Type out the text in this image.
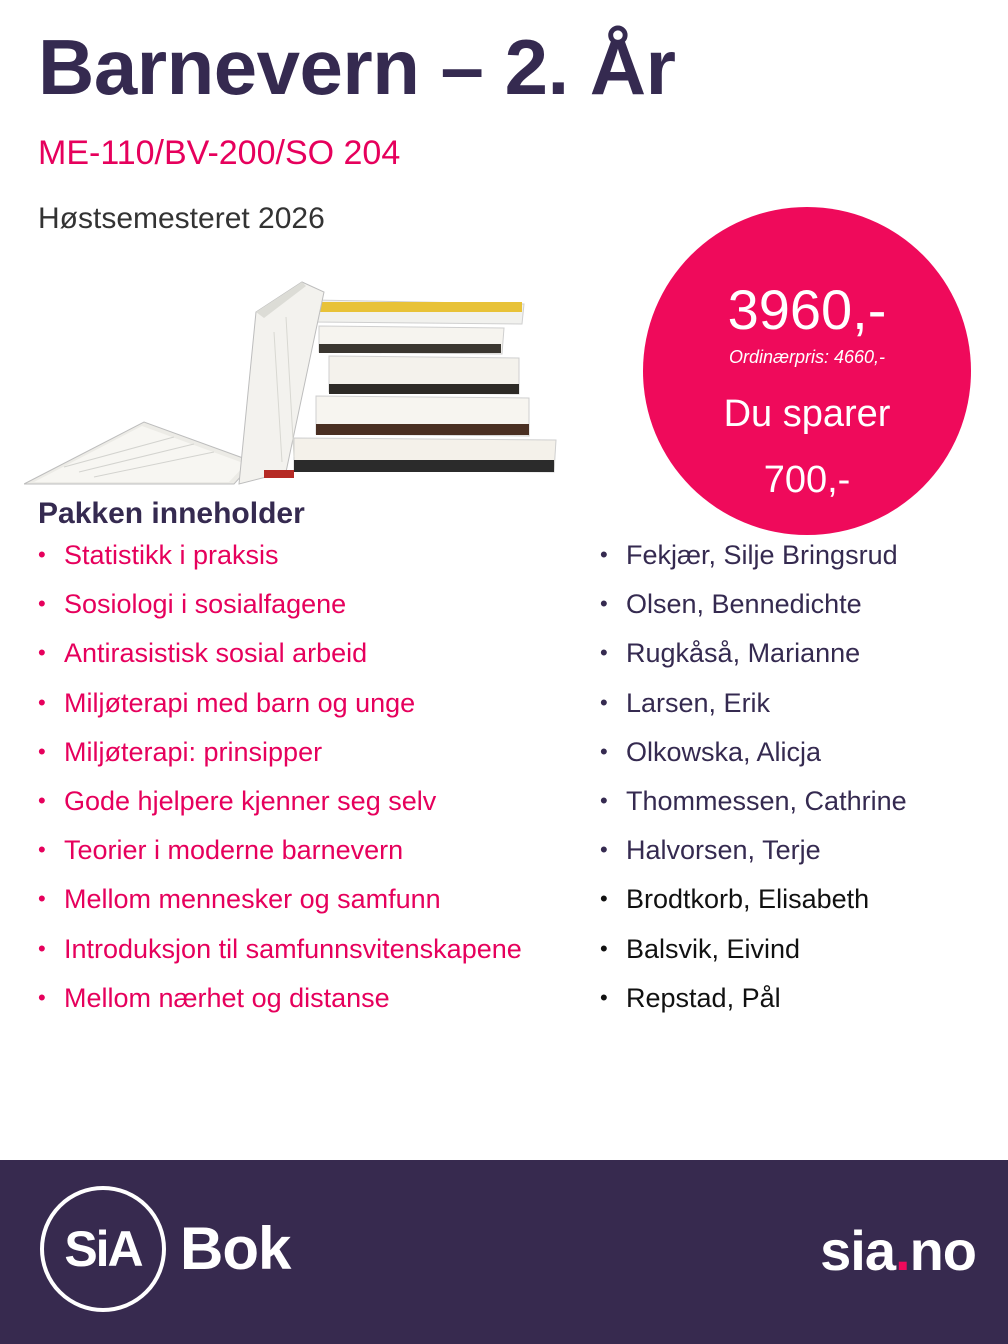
Barnevern – 2. År
ME-110/BV-200/SO 204
Høstsemesteret 2026
3960,-
Ordinærpris: 4660,-
Du sparer
700,-
Pakken inneholder
• Statistikk i praksis
• Sosiologi i sosialfagene
• Antirasistisk sosial arbeid
• Miljøterapi med barn og unge
• Miljøterapi: prinsipper
• Gode hjelpere kjenner seg selv
• Teorier i moderne barnevern
• Mellom mennesker og samfunn
• Introduksjon til samfunnsvitenskapene
• Mellom nærhet og distanse
• Fekjær, Silje Bringsrud
• Olsen, Bennedichte
• Rugkåså, Marianne
• Larsen, Erik
• Olkowska, Alicja
• Thommessen, Cathrine
• Halvorsen, Terje
• Brodtkorb, Elisabeth
• Balsvik, Eivind
• Repstad, Pål
SiA Bok	sia.no
